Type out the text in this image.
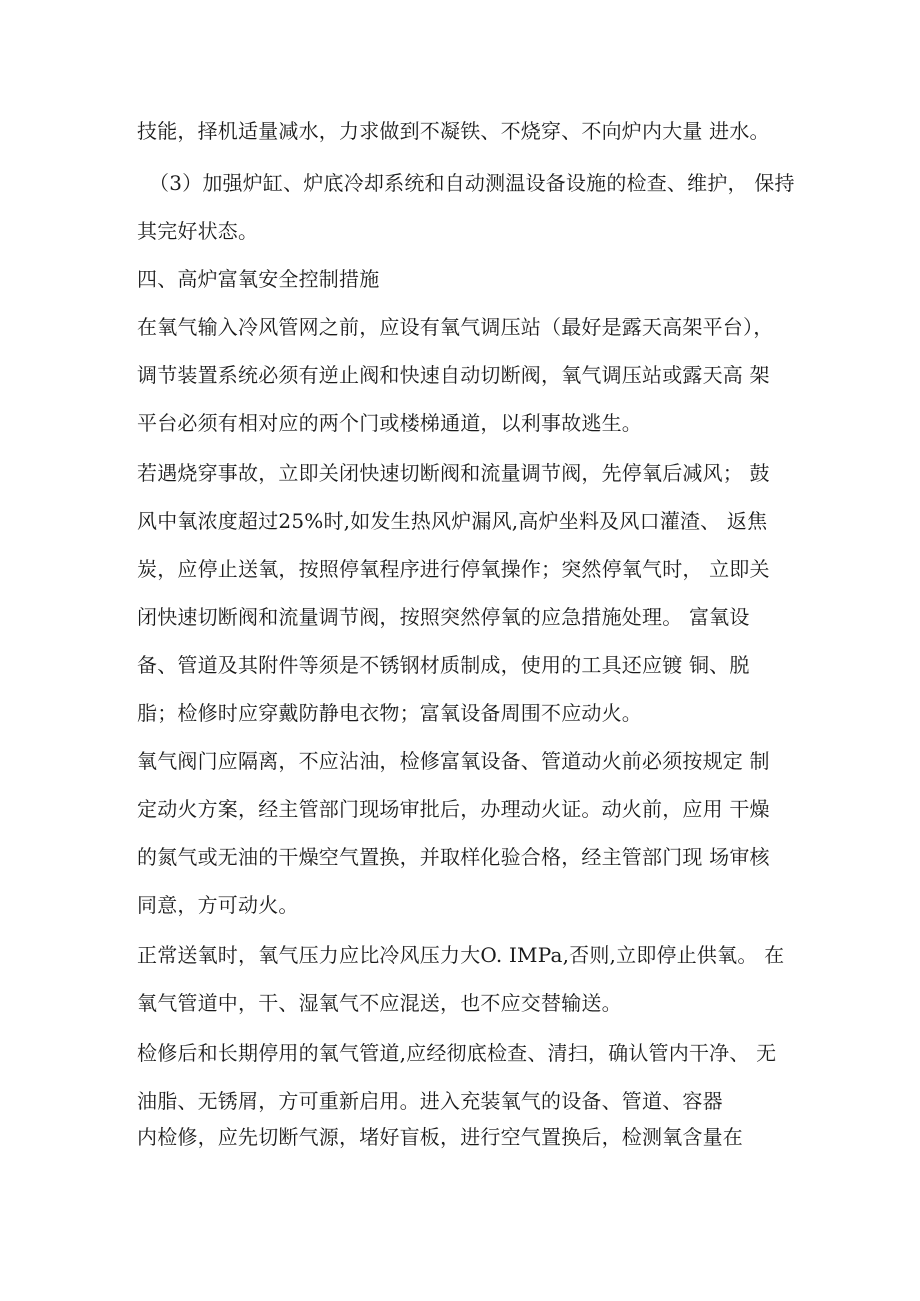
技能，择机适量减水，力求做到不凝铁、不烧穿、不向炉内大量 进水。
（3）加强炉缸、炉底冷却系统和自动测温设备设施的检查、维护， 保持
其完好状态。
四、高炉富氧安全控制措施
在氧气输入冷风管网之前，应设有氧气调压站（最好是露天高架平台），
调节装置系统必须有逆止阀和快速自动切断阀，氧气调压站或露天高 架
平台必须有相对应的两个门或楼梯通道，以利事故逃生。
若遇烧穿事故，立即关闭快速切断阀和流量调节阀，先停氧后减风； 鼓
风中氧浓度超过25%时,如发生热风炉漏风,高炉坐料及风口灌渣、 返焦
炭，应停止送氧，按照停氧程序进行停氧操作；突然停氧气时， 立即关
闭快速切断阀和流量调节阀，按照突然停氧的应急措施处理。 富氧设
备、管道及其附件等须是不锈钢材质制成，使用的工具还应镀 铜、脱
脂；检修时应穿戴防静电衣物；富氧设备周围不应动火。
氧气阀门应隔离，不应沾油，检修富氧设备、管道动火前必须按规定 制
定动火方案，经主管部门现场审批后，办理动火证。动火前，应用 干燥
的氮气或无油的干燥空气置换，并取样化验合格，经主管部门现 场审核
同意，方可动火。
正常送氧时，氧气压力应比冷风压力大O. IMPa,否则,立即停止供氧。 在
氧气管道中，干、湿氧气不应混送，也不应交替输送。
检修后和长期停用的氧气管道,应经彻底检查、清扫，确认管内干净、 无
油脂、无锈屑，方可重新启用。进入充装氧气的设备、管道、容器
内检修，应先切断气源，堵好盲板，进行空气置换后，检测氧含量在
